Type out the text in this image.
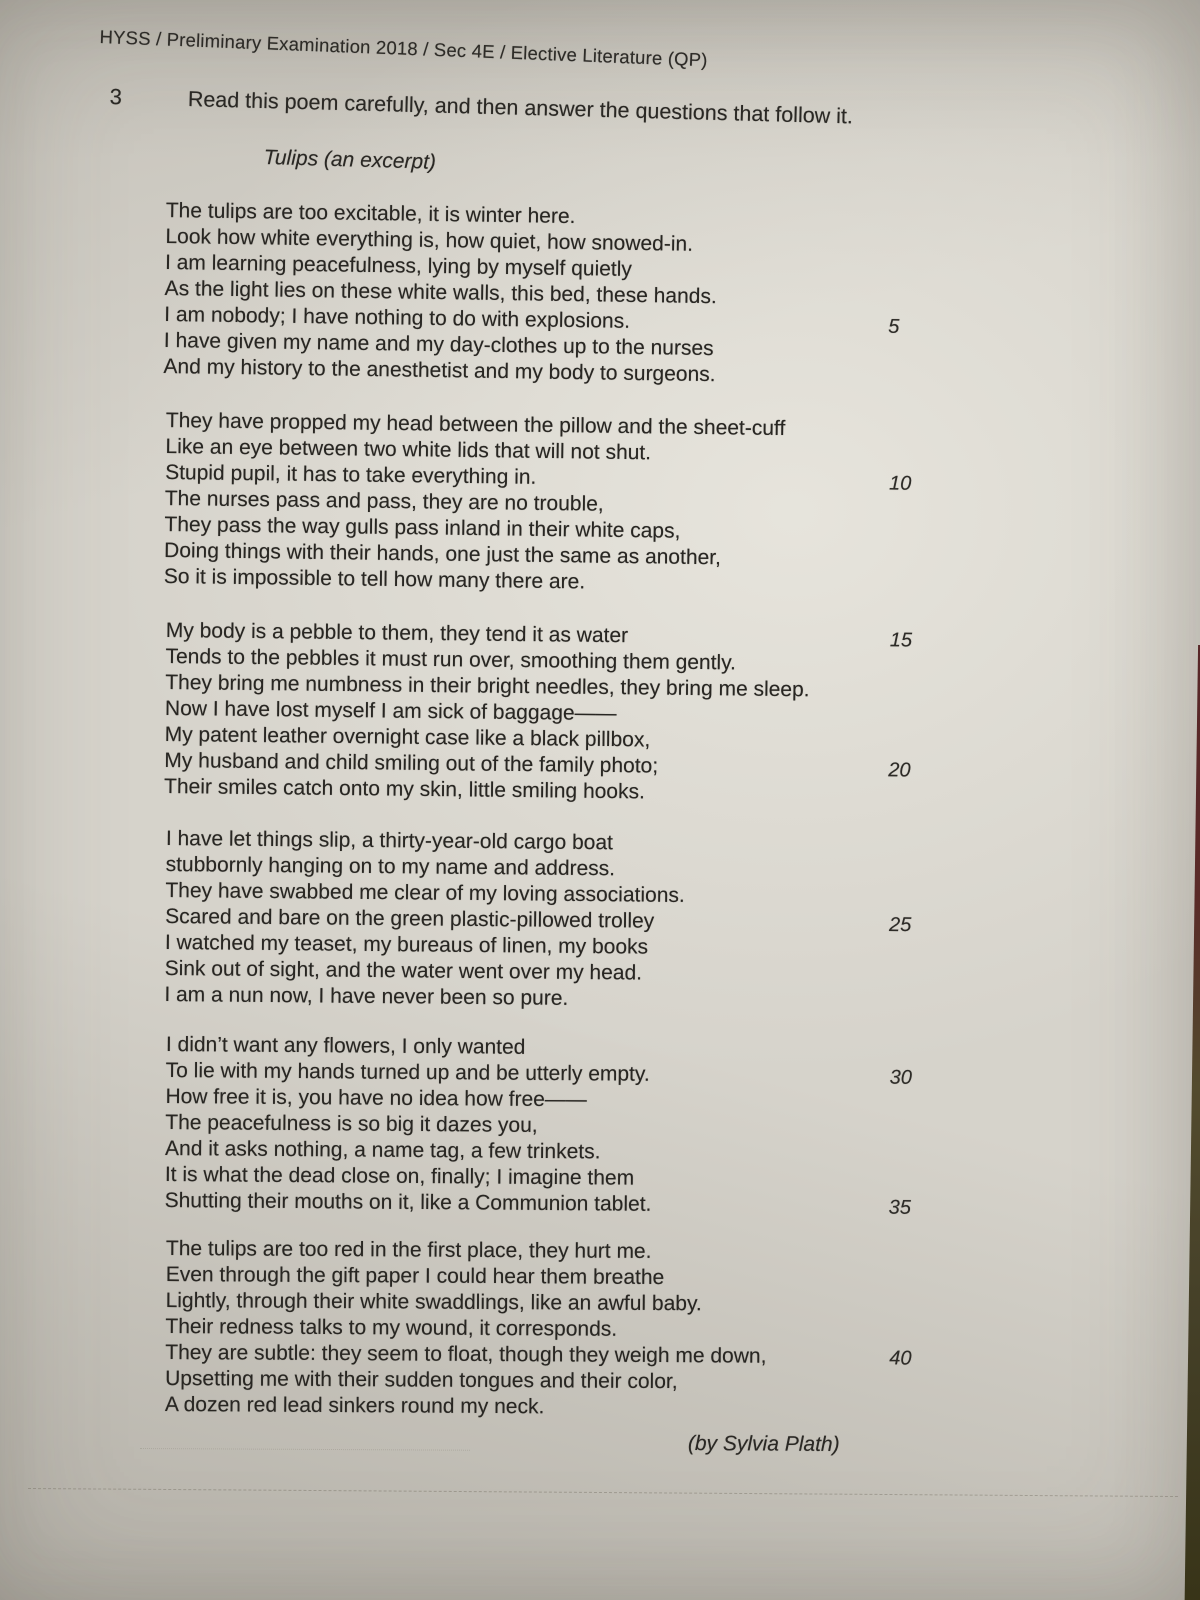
HYSS / Preliminary Examination 2018 / Sec 4E / Elective Literature (QP)
3	Read this poem carefully, and then answer the questions that follow it.
Tulips (an excerpt)
The tulips are too excitable, it is winter here.
Look how white everything is, how quiet, how snowed-in.
I am learning peacefulness, lying by myself quietly
As the light lies on these white walls, this bed, these hands.
I am nobody; I have nothing to do with explosions.	5
I have given my name and my day-clothes up to the nurses
And my history to the anesthetist and my body to surgeons.
They have propped my head between the pillow and the sheet-cuff
Like an eye between two white lids that will not shut.
Stupid pupil, it has to take everything in.	10
The nurses pass and pass, they are no trouble,
They pass the way gulls pass inland in their white caps,
Doing things with their hands, one just the same as another,
So it is impossible to tell how many there are.
My body is a pebble to them, they tend it as water	15
Tends to the pebbles it must run over, smoothing them gently.
They bring me numbness in their bright needles, they bring me sleep.
Now I have lost myself I am sick of baggage——
My patent leather overnight case like a black pillbox,
My husband and child smiling out of the family photo;	20
Their smiles catch onto my skin, little smiling hooks.
I have let things slip, a thirty-year-old cargo boat
stubbornly hanging on to my name and address.
They have swabbed me clear of my loving associations.
Scared and bare on the green plastic-pillowed trolley	25
I watched my teaset, my bureaus of linen, my books
Sink out of sight, and the water went over my head.
I am a nun now, I have never been so pure.
I didn’t want any flowers, I only wanted
To lie with my hands turned up and be utterly empty.	30
How free it is, you have no idea how free——
The peacefulness is so big it dazes you,
And it asks nothing, a name tag, a few trinkets.
It is what the dead close on, finally; I imagine them
Shutting their mouths on it, like a Communion tablet.	35
The tulips are too red in the first place, they hurt me.
Even through the gift paper I could hear them breathe
Lightly, through their white swaddlings, like an awful baby.
Their redness talks to my wound, it corresponds.
They are subtle: they seem to float, though they weigh me down,	40
Upsetting me with their sudden tongues and their color,
A dozen red lead sinkers round my neck.
(by Sylvia Plath)
